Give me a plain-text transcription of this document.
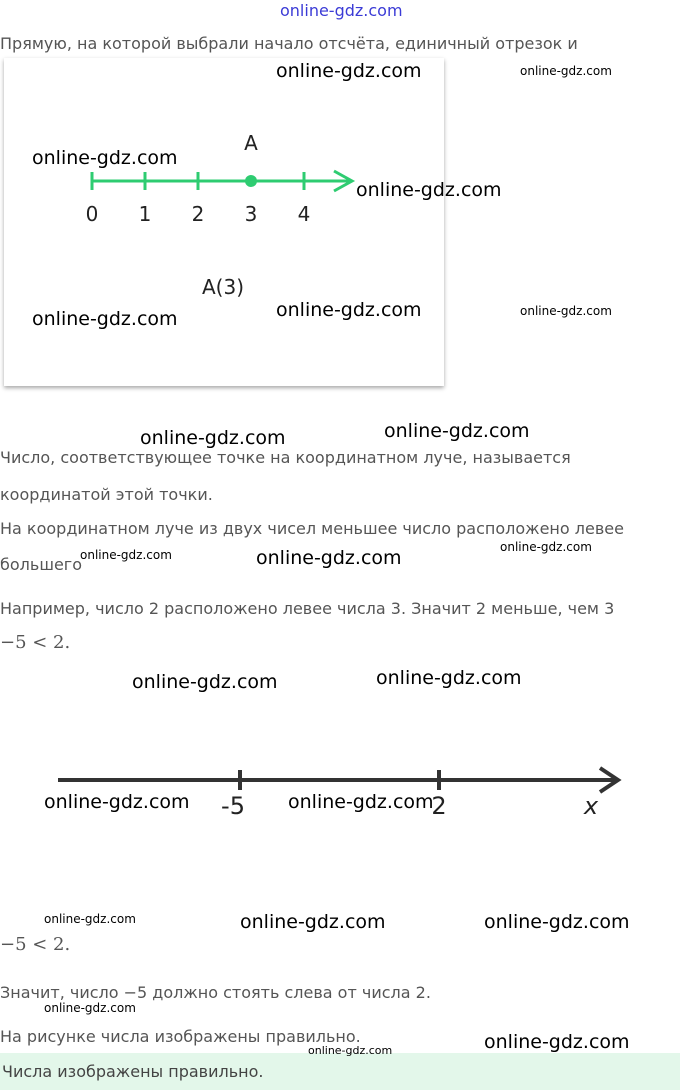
online-gdz.com
Прямую, на которой выбрали начало отсчёта, единичный отрезок и
A
0 1 2 3 4
A(3)
online-gdz.com	online-gdz.com
online-gdz.com
online-gdz.com
online-gdz.com	online-gdz.com
online-gdz.com
online-gdz.com
online-gdz.com
Число, соответствующее точке на координатном луче, называется
координатой этой точки.
На координатном луче из двух чисел меньшее число расположено левее
большего
online-gdz.com	online-gdz.com	online-gdz.com
Например, число 2 расположено левее числа 3. Значит 2 меньше, чем 3
−5 < 2.
online-gdz.com	online-gdz.com
-5	2	x
online-gdz.com	online-gdz.com
online-gdz.com	online-gdz.com	online-gdz.com
−5 < 2.
Значит, число −5 должно стоять слева от числа 2.
online-gdz.com
На рисунке числа изображены правильно.	online-gdz.com
Числа изображены правильно.
online-gdz.com
